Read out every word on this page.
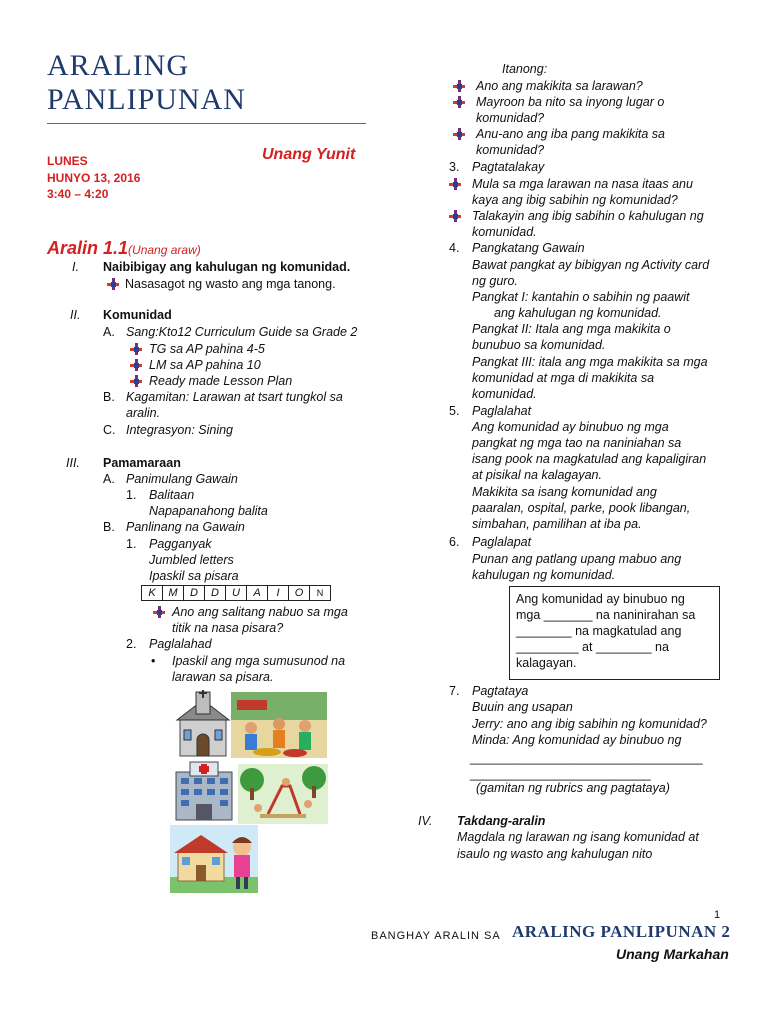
ARALING
PANLIPUNAN
LUNES
HUNYO 13, 2016
3:40 – 4:20
Unang Yunit
Aralin 1.1(Unang araw)
I. Naibibigay ang kahulugan ng komunidad.
Nasasagot ng wasto ang mga tanong.
II. Komunidad
A. Sang:Kto12 Curriculum Guide sa Grade 2
TG sa AP pahina 4-5
LM sa AP pahina 10
Ready made Lesson Plan
B. Kagamitan: Larawan at tsart tungkol sa
aralin.
C. Integrasyon: Sining
III. Pamamaraan
A. Panimulang Gawain
1. Balitaan
Napapanahong balita
B. Panlinang na Gawain
1. Pagganyak
Jumbled letters
Ipaskil sa pisara
K	M	D	D	U	A	I	O	N
Ano ang salitang nabuo sa mga
titik na nasa pisara?
2. Paglalahad
• Ipaskil ang mga sumusunod na
larawan sa pisara.
Itanong:
Ano ang makikita sa larawan?
Mayroon ba nito sa inyong lugar o
komunidad?
Anu-ano ang iba pang makikita sa
komunidad?
3. Pagtatalakay
Mula sa mga larawan na nasa itaas anu
kaya ang ibig sabihin ng komunidad?
Talakayin ang ibig sabihin o kahulugan ng
komunidad.
4. Pangkatang Gawain
Bawat pangkat ay bibigyan ng Activity card
ng guro.
Pangkat I: kantahin o sabihin ng paawit
ang kahulugan ng komunidad.
Pangkat II: Itala ang mga makikita o
bunubuo sa komunidad.
Pangkat III: itala ang mga makikita sa mga
komunidad at mga di makikita sa
komunidad.
5. Paglalahat
Ang komunidad ay binubuo ng mga
pangkat ng mga tao na naniniahan sa
isang pook na magkatulad ang kapaligiran
at pisikal na kalagayan.
Makikita sa isang komunidad ang
paaralan, ospital, parke, pook libangan,
simbahan, pamilihan at iba pa.
6. Paglalapat
Punan ang patlang upang mabuo ang
kahulugan ng komunidad.
Ang komunidad ay binubuo ng
mga _______ na naninirahan sa
________ na magkatulad ang
_________ at ________ na
kalagayan.
7. Pagtataya
Buuin ang usapan
Jerry: ano ang ibig sabihin ng komunidad?
Minda: Ang komunidad ay binubuo ng
_________________________________
__________________________
(gamitan ng rubrics ang pagtataya)
IV. Takdang-aralin
Magdala ng larawan ng isang komunidad at
isaulo ng wasto ang kahulugan nito
1
BANGHAY ARALIN SA ARALING PANLIPUNAN 2
Unang Markahan
